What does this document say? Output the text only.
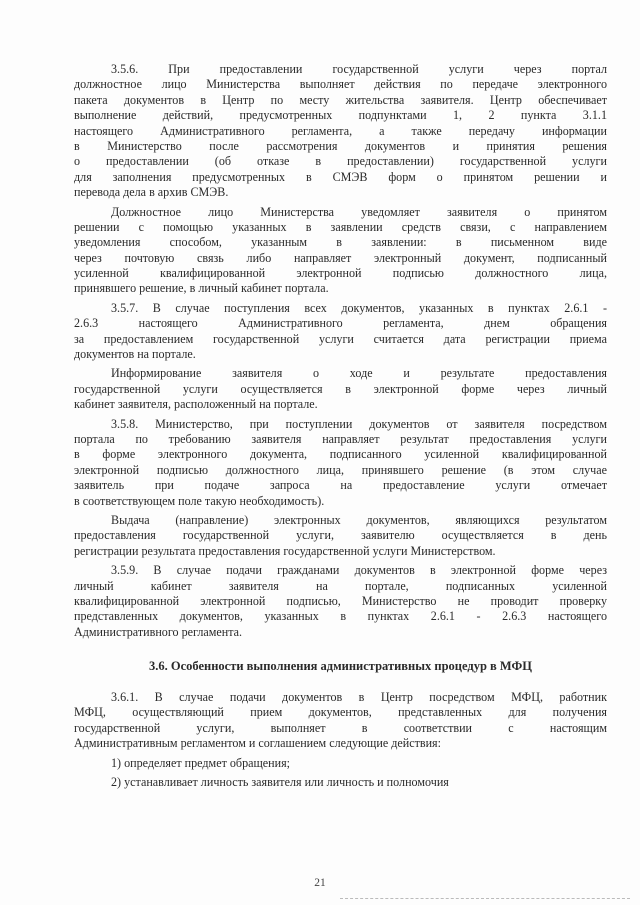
3.5.6. При предоставлении государственной услуги через портал
должностное лицо Министерства выполняет действия по передаче электронного
пакета документов в Центр по месту жительства заявителя. Центр обеспечивает
выполнение действий, предусмотренных подпунктами 1, 2 пункта 3.1.1
настоящего Административного регламента, а также передачу информации
в Министерство после рассмотрения документов и принятия решения
о предоставлении (об отказе в предоставлении) государственной услуги
для заполнения предусмотренных в СМЭВ форм о принятом решении и
перевода дела в архив СМЭВ.
Должностное лицо Министерства уведомляет заявителя о принятом
решении с помощью указанных в заявлении средств связи, с направлением
уведомления способом, указанным в заявлении: в письменном виде
через почтовую связь либо направляет электронный документ, подписанный
усиленной квалифицированной электронной подписью должностного лица,
принявшего решение, в личный кабинет портала.
3.5.7. В случае поступления всех документов, указанных в пунктах 2.6.1 -
2.6.3 настоящего Административного регламента, днем обращения
за предоставлением государственной услуги считается дата регистрации приема
документов на портале.
Информирование заявителя о ходе и результате предоставления
государственной услуги осуществляется в электронной форме через личный
кабинет заявителя, расположенный на портале.
3.5.8. Министерство, при поступлении документов от заявителя посредством
портала по требованию заявителя направляет результат предоставления услуги
в форме электронного документа, подписанного усиленной квалифицированной
электронной подписью должностного лица, принявшего решение (в этом случае
заявитель при подаче запроса на предоставление услуги отмечает
в соответствующем поле такую необходимость).
Выдача (направление) электронных документов, являющихся результатом
предоставления государственной услуги, заявителю осуществляется в день
регистрации результата предоставления государственной услуги Министерством.
3.5.9. В случае подачи гражданами документов в электронной форме через
личный кабинет заявителя на портале, подписанных усиленной
квалифицированной электронной подписью, Министерство не проводит проверку
представленных документов, указанных в пунктах 2.6.1 - 2.6.3 настоящего
Административного регламента.
3.6. Особенности выполнения административных процедур в МФЦ
3.6.1. В случае подачи документов в Центр посредством МФЦ, работник
МФЦ, осуществляющий прием документов, представленных для получения
государственной услуги, выполняет в соответствии с настоящим
Административным регламентом и соглашением следующие действия:
1) определяет предмет обращения;
2) устанавливает личность заявителя или личность и полномочия
21
